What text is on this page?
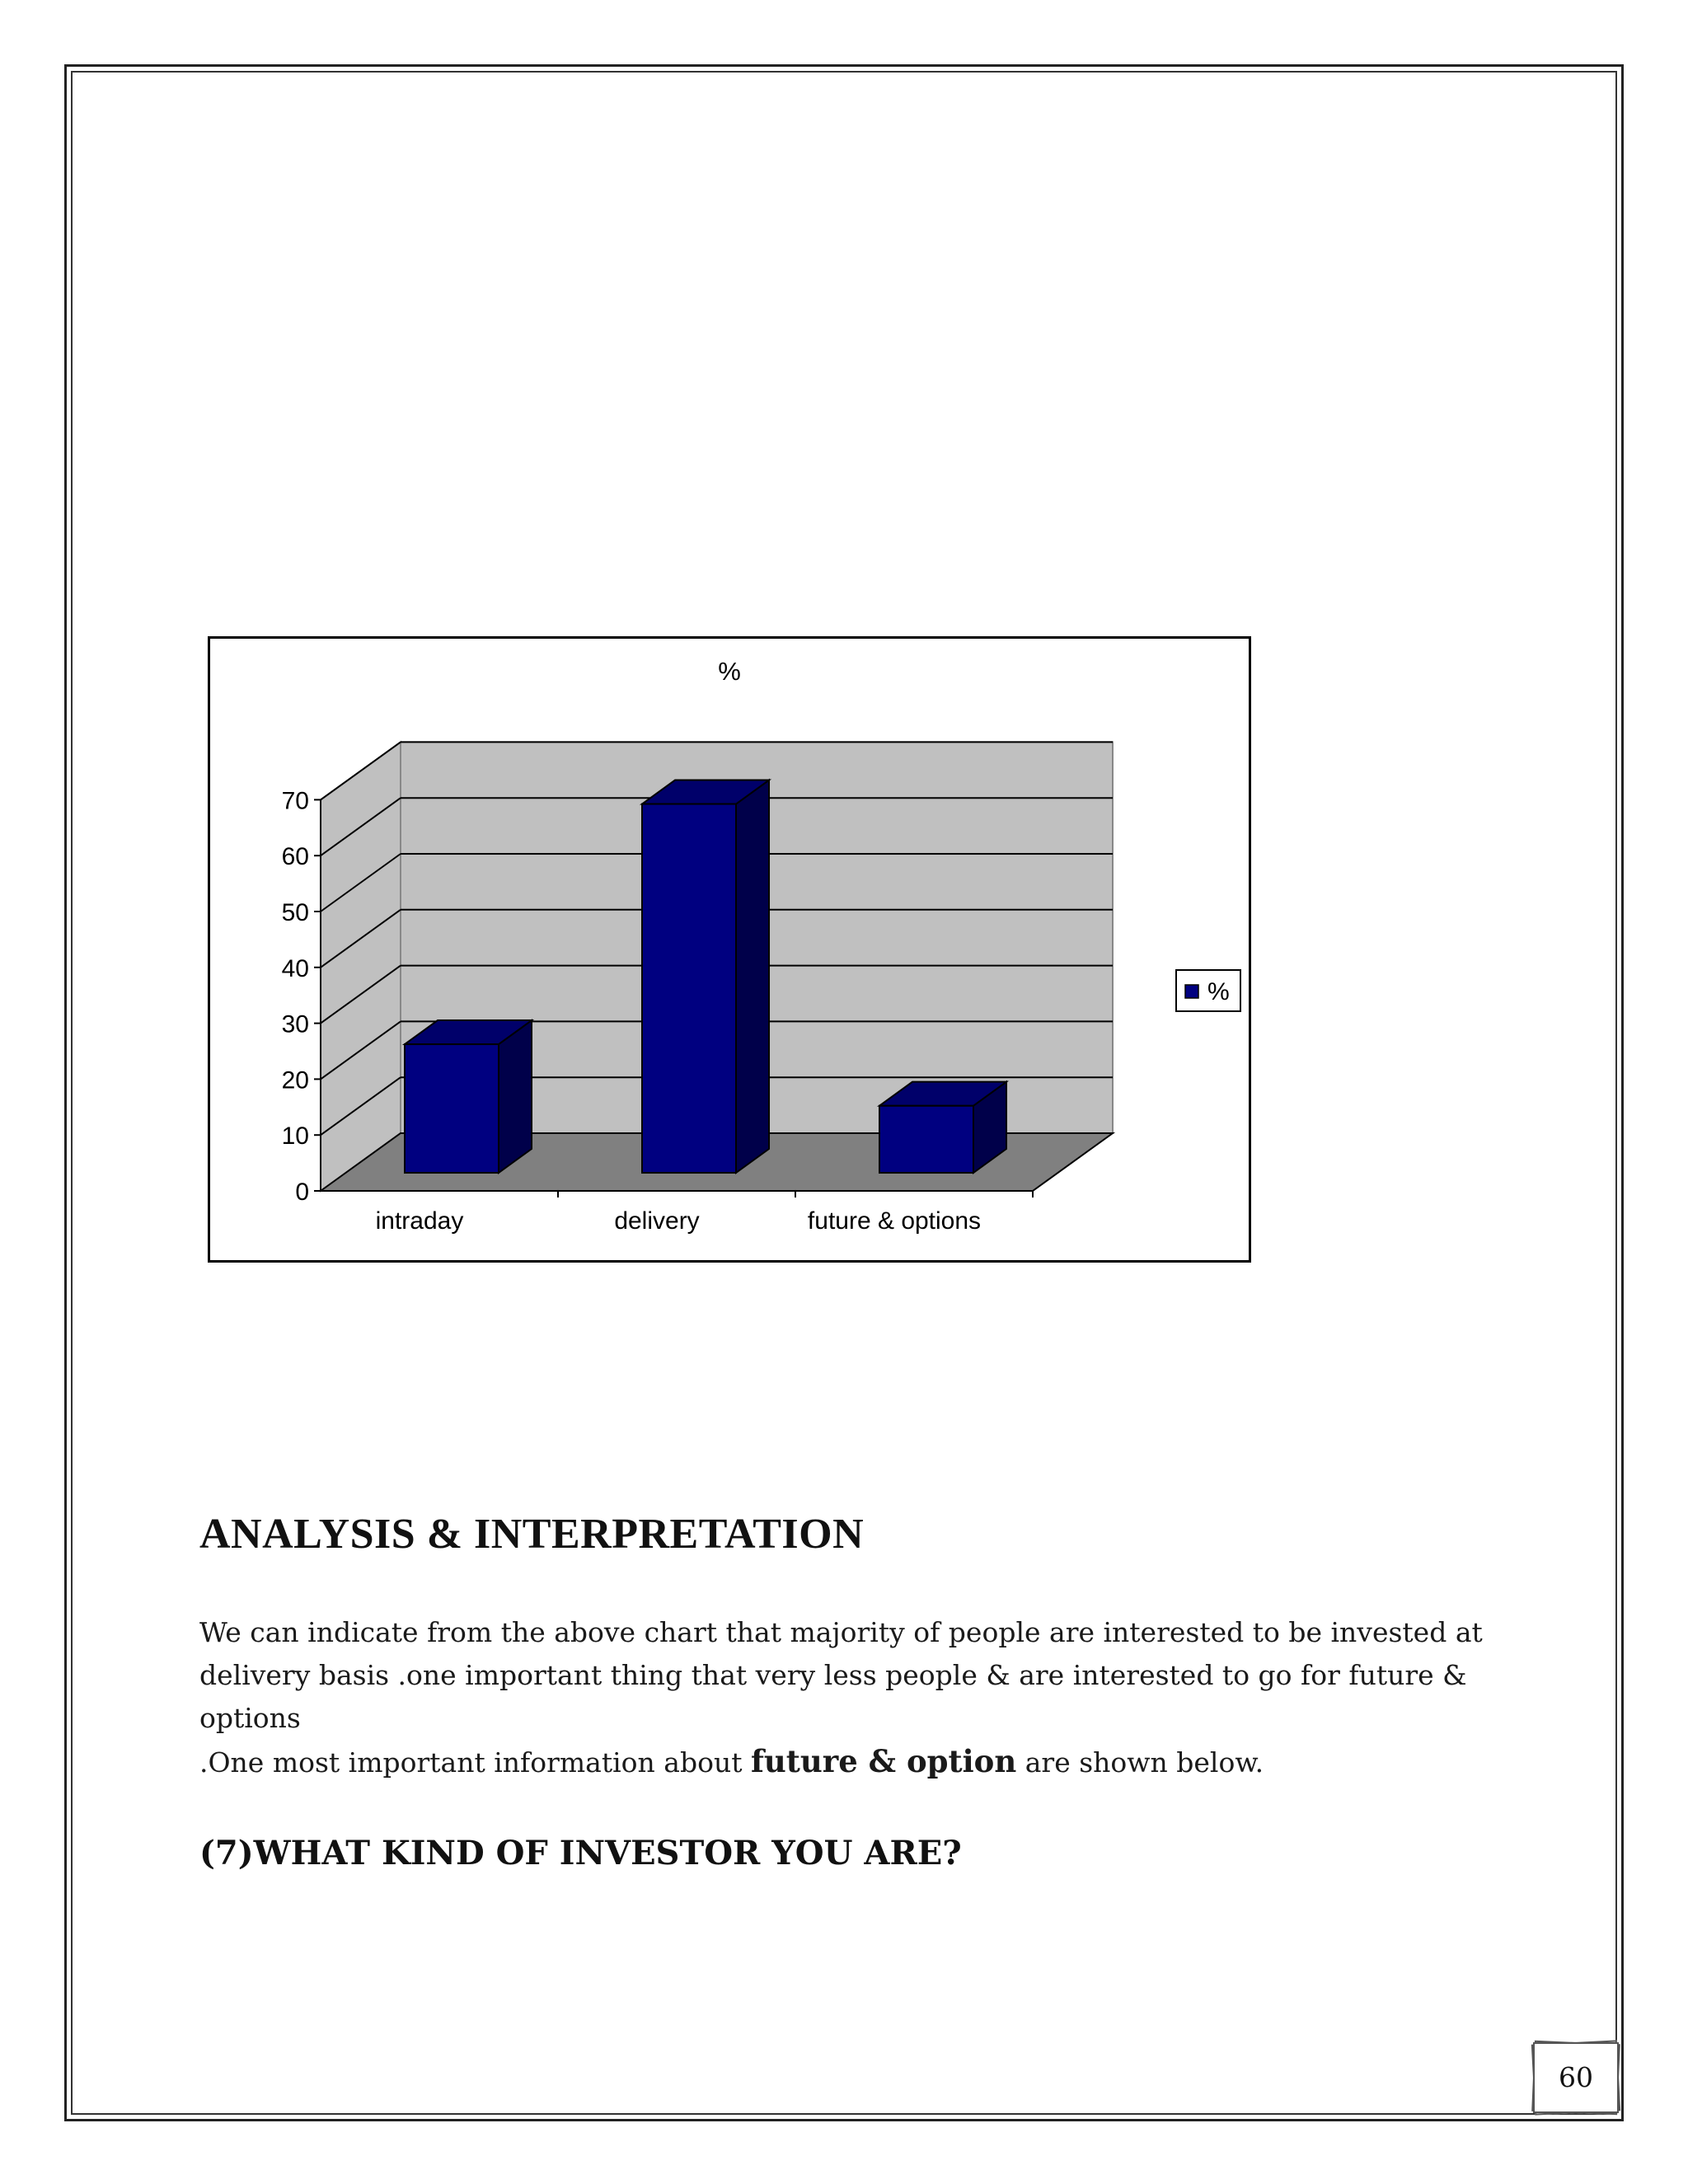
0
10
20
30
40
50
60
70
intraday	delivery	future & options
%
%
ANALYSIS & INTERPRETATION

We can indicate from the above chart that majority of people are interested to be invested at
delivery basis .one important thing that very less people & are interested to go for future & options
.One most important information about future & option are shown below.

(7)WHAT KIND OF INVESTOR YOU ARE?
60
